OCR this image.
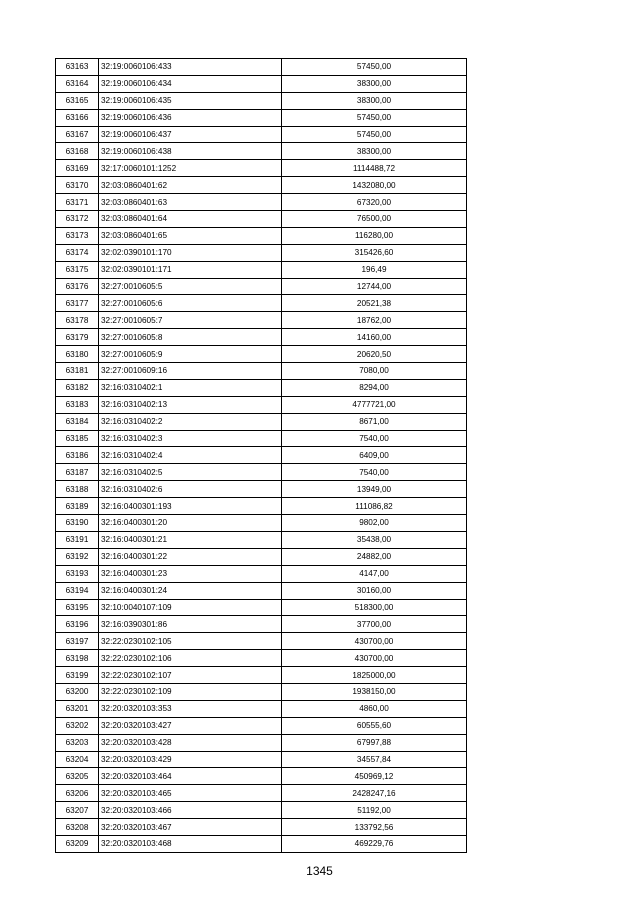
63163	32:19:0060106:433	57450,00
63164	32:19:0060106:434	38300,00
63165	32:19:0060106:435	38300,00
63166	32:19:0060106:436	57450,00
63167	32:19:0060106:437	57450,00
63168	32:19:0060106:438	38300,00
63169	32:17:0060101:1252	1114488,72
63170	32:03:0860401:62	1432080,00
63171	32:03:0860401:63	67320,00
63172	32:03:0860401:64	76500,00
63173	32:03:0860401:65	116280,00
63174	32:02:0390101:170	315426,60
63175	32:02:0390101:171	196,49
63176	32:27:0010605:5	12744,00
63177	32:27:0010605:6	20521,38
63178	32:27:0010605:7	18762,00
63179	32:27:0010605:8	14160,00
63180	32:27:0010605:9	20620,50
63181	32:27:0010609:16	7080,00
63182	32:16:0310402:1	8294,00
63183	32:16:0310402:13	4777721,00
63184	32:16:0310402:2	8671,00
63185	32:16:0310402:3	7540,00
63186	32:16:0310402:4	6409,00
63187	32:16:0310402:5	7540,00
63188	32:16:0310402:6	13949,00
63189	32:16:0400301:193	111086,82
63190	32:16:0400301:20	9802,00
63191	32:16:0400301:21	35438,00
63192	32:16:0400301:22	24882,00
63193	32:16:0400301:23	4147,00
63194	32:16:0400301:24	30160,00
63195	32:10:0040107:109	518300,00
63196	32:16:0390301:86	37700,00
63197	32:22:0230102:105	430700,00
63198	32:22:0230102:106	430700,00
63199	32:22:0230102:107	1825000,00
63200	32:22:0230102:109	1938150,00
63201	32:20:0320103:353	4860,00
63202	32:20:0320103:427	60555,60
63203	32:20:0320103:428	67997,88
63204	32:20:0320103:429	34557,84
63205	32:20:0320103:464	450969,12
63206	32:20:0320103:465	2428247,16
63207	32:20:0320103:466	51192,00
63208	32:20:0320103:467	133792,56
63209	32:20:0320103:468	469229,76
1345
